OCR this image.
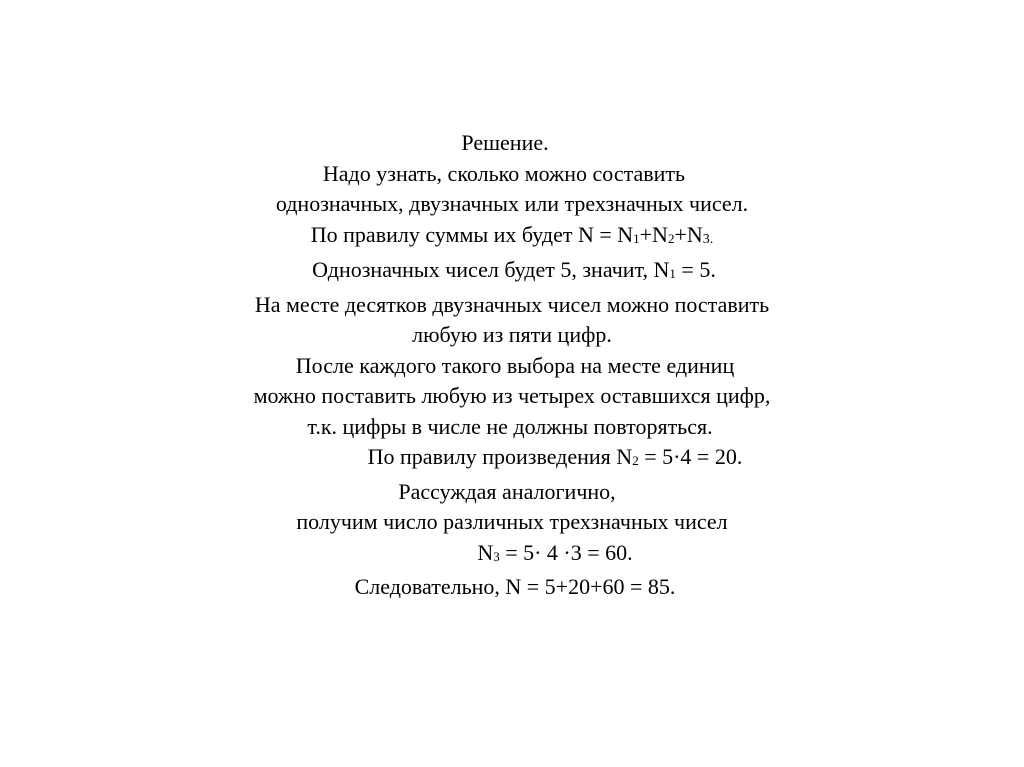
Решение.
Надо узнать, сколько можно составить
однозначных, двузначных или трехзначных чисел.
По правилу суммы их будет N = N1+N2+N3.
Однозначных чисел будет 5, значит, N1 = 5.
На месте десятков двузначных чисел можно поставить
любую из пяти цифр.
После каждого такого выбора на месте единиц
можно поставить любую из четырех оставшихся цифр,
т.к. цифры в числе не должны повторяться.
По правилу произведения N2 = 5·4 = 20.
Рассуждая аналогично,
получим число различных трехзначных чисел
N3 = 5· 4 ·3 = 60.
Следовательно, N = 5+20+60 = 85.
